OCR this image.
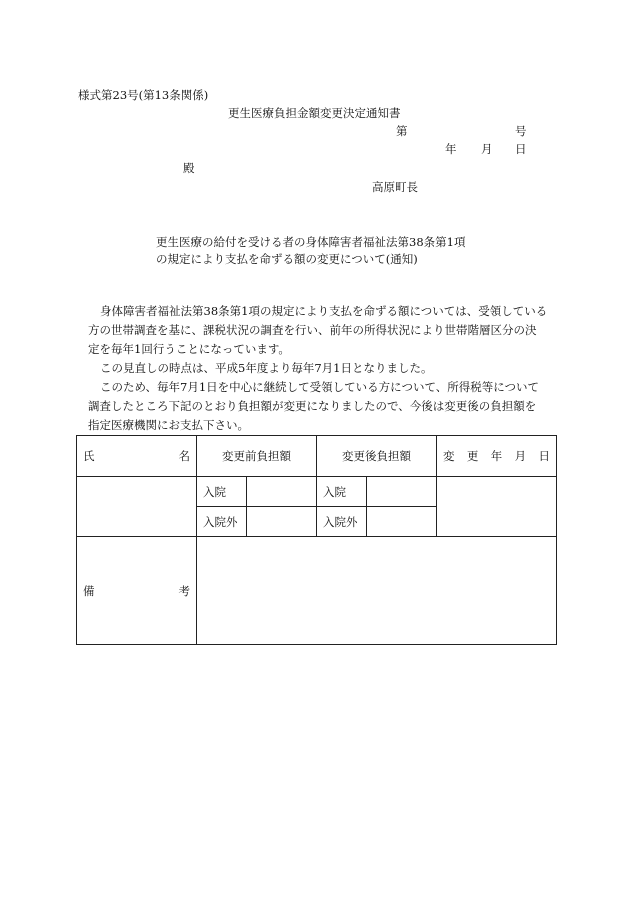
様式第23号(第13条関係)
更生医療負担金額変更決定通知書
第	号
年 月 日
殿
高原町長
更生医療の給付を受ける者の身体障害者福祉法第38条第1項
の規定により支払を命ずる額の変更について(通知)

身体障害者福祉法第38条第1項の規定により支払を命ずる額については、受領している
方の世帯調査を基に、課税状況の調査を行い、前年の所得状況により世帯階層区分の決
定を毎年1回行うことになっています。

この見直しの時点は、平成5年度より毎年7月1日となりました。

このため、毎年7月1日を中心に継続して受領している方について、所得税等について
調査したところ下記のとおり負担額が変更になりましたので、今後は変更後の負担額を
指定医療機関にお支払下さい。

氏 名	変更前負担額		変更後負担額		変 更 年 月 日

	入院		入院		
	入院外		入院外		

備 考					
